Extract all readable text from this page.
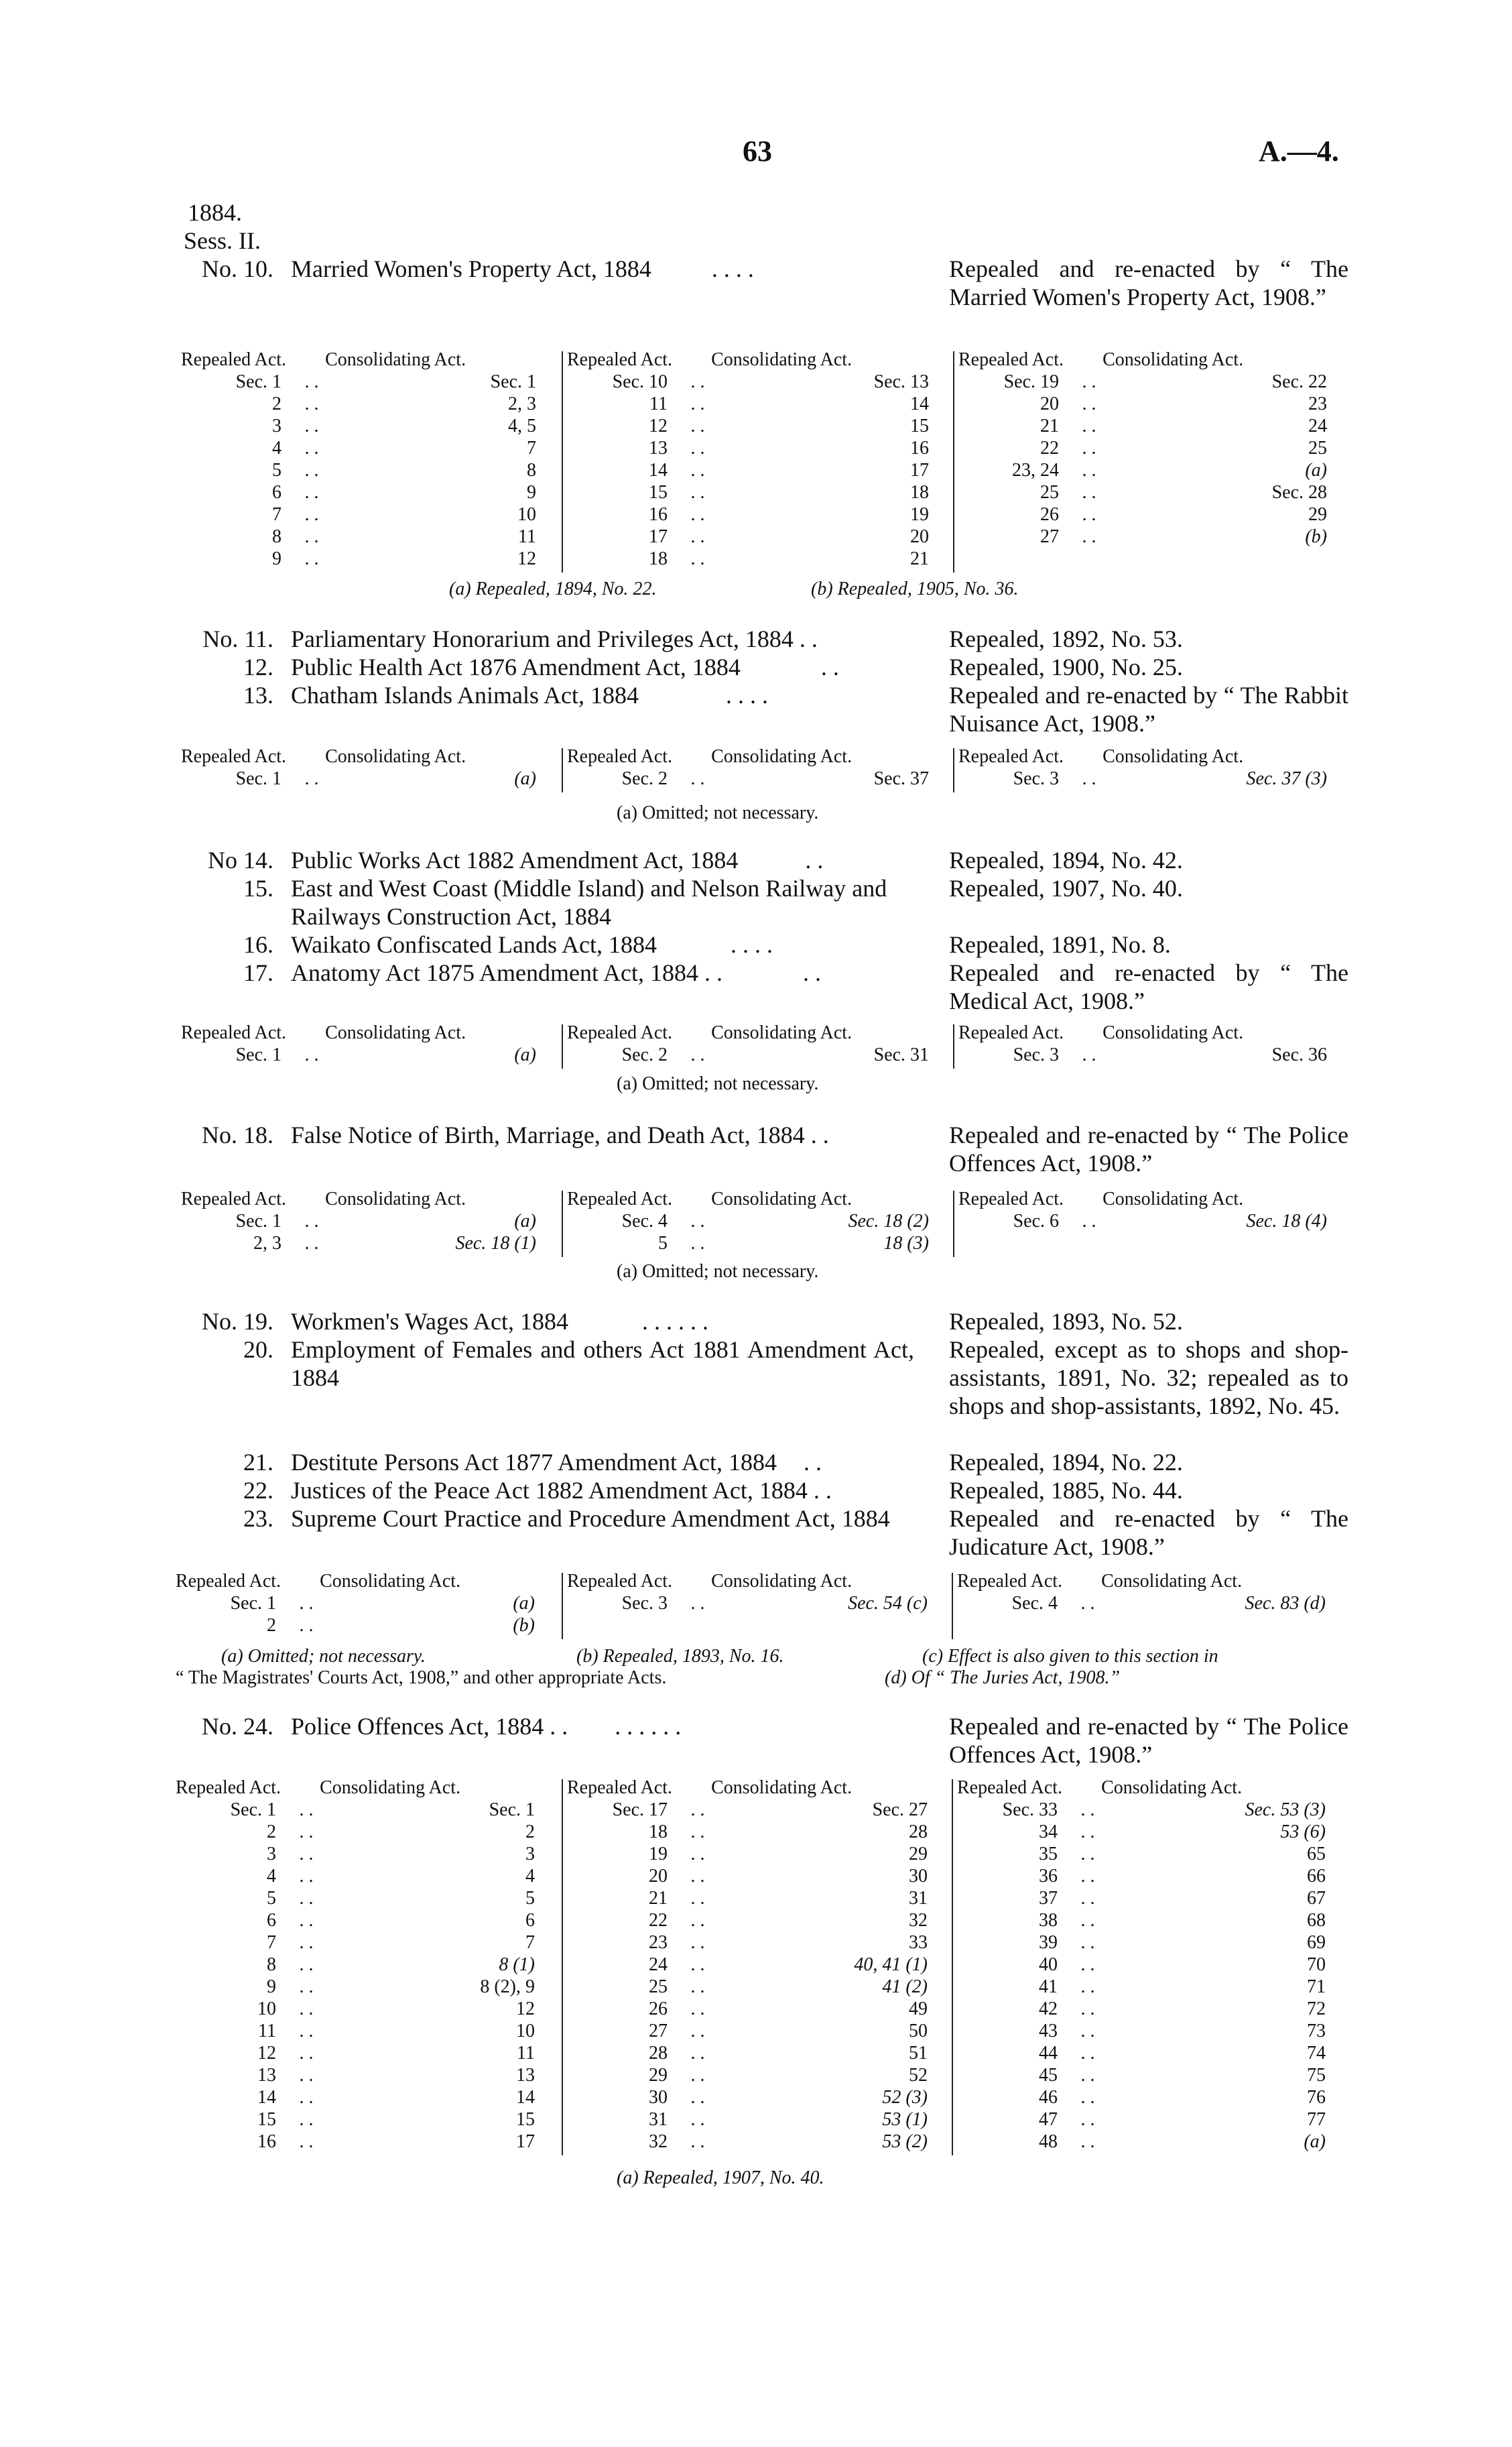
63	A.—4.
1884.
Sess. II.
No. 10. Married Women's Property Act, 1884	. . . .	Repealed and re-enacted by “ The Married Women's Property Act, 1908.”
Repealed Act. Consolidating Act.
Sec. 1	. .	Sec. 1
2	. .	2, 3
3	. .	4, 5
4	. .	7
5	. .	8
6	. .	9
7	. .	10
8	. .	11
9	. .	12
Repealed Act. Consolidating Act.
Sec. 10	. .	Sec. 13
11	. .	14
12	. .	15
13	. .	16
14	. .	17
15	. .	18
16	. .	19
17	. .	20
18	. .	21
Repealed Act. Consolidating Act.
Sec. 19	. .	Sec. 22
20	. .	23
21	. .	24
22	. .	25
23, 24	. .	(a)
25	. .	Sec. 28
26	. .	29
27	. .	(b)
(a) Repealed, 1894, No. 22.	(b) Repealed, 1905, No. 36.
No. 11. Parliamentary Honorarium and Privileges Act, 1884 . .	Repealed, 1892, No. 53.
12. Public Health Act 1876 Amendment Act, 1884	. .	Repealed, 1900, No. 25.
13. Chatham Islands Animals Act, 1884	. . . .	Repealed and re-enacted by “ The Rabbit Nuisance Act, 1908.”
Repealed Act. Consolidating Act.
Sec. 1	. .	(a)
Repealed Act. Consolidating Act.
Sec. 2	. .	Sec. 37
Repealed Act. Consolidating Act.
Sec. 3	. .	Sec. 37 (3)
(a) Omitted; not necessary.
No 14. Public Works Act 1882 Amendment Act, 1884	. .	Repealed, 1894, No. 42.
15. East and West Coast (Middle Island) and Nelson Railway and Railways Construction Act, 1884
Repealed, 1907, No. 40.
16. Waikato Confiscated Lands Act, 1884	. . . .	Repealed, 1891, No. 8.
17. Anatomy Act 1875 Amendment Act, 1884 . .	. .	Repealed and re-enacted by “ The Medical Act, 1908.”
Repealed Act. Consolidating Act.
Sec. 1	. .	(a)
Repealed Act. Consolidating Act.
Sec. 2	. .	Sec. 31
Repealed Act. Consolidating Act.
Sec. 3	. .	Sec. 36
(a) Omitted; not necessary.
No. 18. False Notice of Birth, Marriage, and Death Act, 1884 . .	Repealed and re-enacted by “ The Police Offences Act, 1908.”
Repealed Act. Consolidating Act.
Sec. 1	. .	(a)
2, 3	. .	Sec. 18 (1)
Repealed Act. Consolidating Act.
Sec. 4	. .	Sec. 18 (2)
5	. .	18 (3)
Repealed Act. Consolidating Act.
Sec. 6	. .	Sec. 18 (4)
(a) Omitted; not necessary.
No. 19. Workmen's Wages Act, 1884	. . . . . .	Repealed, 1893, No. 52.
20. Employment of Females and others Act 1881 Amendment Act, 1884
Repealed, except as to shops and shop-assistants, 1891, No. 32; repealed as to shops and shop-assistants, 1892, No. 45.
21. Destitute Persons Act 1877 Amendment Act, 1884 . .	Repealed, 1894, No. 22.
22. Justices of the Peace Act 1882 Amendment Act, 1884 . .	Repealed, 1885, No. 44.
23. Supreme Court Practice and Procedure Amendment Act, 1884	Repealed and re-enacted by “ The Judicature Act, 1908.”
Repealed Act. Consolidating Act.
Sec. 1	. .	(a)
2	. .	(b)
Repealed Act. Consolidating Act.
Sec. 3	. .	Sec. 54 (c)
Repealed Act. Consolidating Act.
Sec. 4	. .	Sec. 83 (d)
(a) Omitted; not necessary.	(b) Repealed, 1893, No. 16.	(c) Effect is also given to this section in
“ The Magistrates' Courts Act, 1908,” and other appropriate Acts.	(d) Of “ The Juries Act, 1908.”
No. 24. Police Offences Act, 1884 . . . . . . . .	Repealed and re-enacted by “ The Police Offences Act, 1908.”
Repealed Act. Consolidating Act.
Sec. 1	. .	Sec. 1
2	. .	2
3	. .	3
4	. .	4
5	. .	5
6	. .	6
7	. .	7
8	. .	8 (1)
9	. .	8 (2), 9
10	. .	12
11	. .	10
12	. .	11
13	. .	13
14	. .	14
15	. .	15
16	. .	17
Repealed Act. Consolidating Act.
Sec. 17	. .	Sec. 27
18	. .	28
19	. .	29
20	. .	30
21	. .	31
22	. .	32
23	. .	33
24	. .	40, 41 (1)
25	. .	41 (2)
26	. .	49
27	. .	50
28	. .	51
29	. .	52
30	. .	52 (3)
31	. .	53 (1)
32	. .	53 (2)
Repealed Act. Consolidating Act.
Sec. 33	. .	Sec. 53 (3)
34	. .	53 (6)
35	. .	65
36	. .	66
37	. .	67
38	. .	68
39	. .	69
40	. .	70
41	. .	71
42	. .	72
43	. .	73
44	. .	74
45	. .	75
46	. .	76
47	. .	77
48	. .	(a)
(a) Repealed, 1907, No. 40.
